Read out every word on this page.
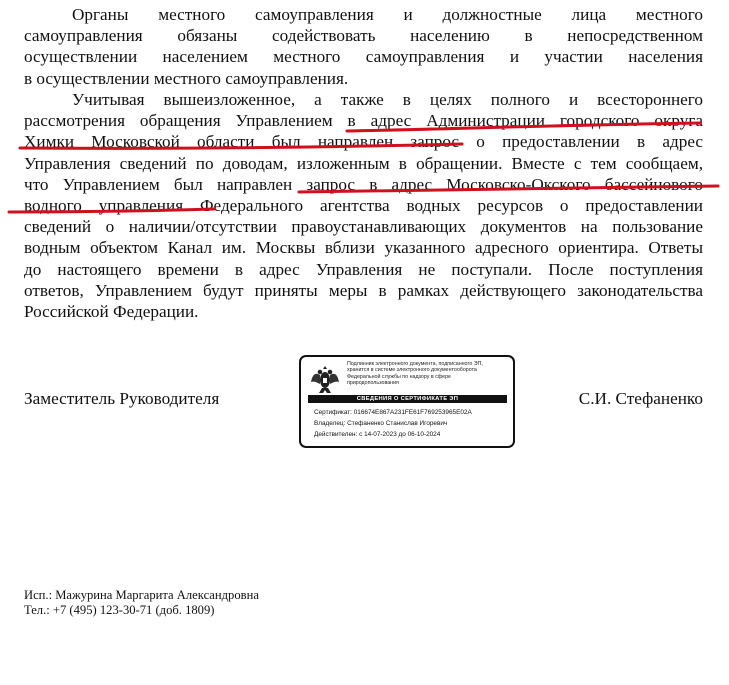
Органы местного самоуправления и должностные лица местного
самоуправления обязаны содействовать населению в непосредственном
осуществлении населением местного самоуправления и участии населения
в осуществлении местного самоуправления.
Учитывая вышеизложенное, а также в целях полного и всестороннего
рассмотрения обращения Управлением в адрес Администрации городского округа
Химки Московской области был направлен запрос о предоставлении в адрес
Управления сведений по доводам, изложенным в обращении. Вместе с тем сообщаем,
что Управлением был направлен запрос в адрес Московско-Окского бассейнового
водного управления Федерального агентства водных ресурсов о предоставлении
сведений о наличии/отсутствии правоустанавливающих документов на пользование
водным объектом Канал им. Москвы вблизи указанного адресного ориентира. Ответы
до настоящего времени в адрес Управления не поступали. После поступления
ответов, Управлением будут приняты меры в рамках действующего законодательства
Российской Федерации.
Заместитель Руководителя	С.И. Стефаненко
Подлинник электронного документа, подписанного ЭП,
хранится в системе электронного документооборота
Федеральной службы по надзору в сфере
природопользования
СВЕДЕНИЯ О СЕРТИФИКАТЕ ЭП
Сертификат: 016674E867A231FE61F769253965E02A
Владелец: Стефаненко Станислав Игоревич
Действителен: с 14-07-2023 до 06-10-2024
Исп.: Мажурина Маргарита Александровна
Тел.: +7 (495) 123-30-71 (доб. 1809)
